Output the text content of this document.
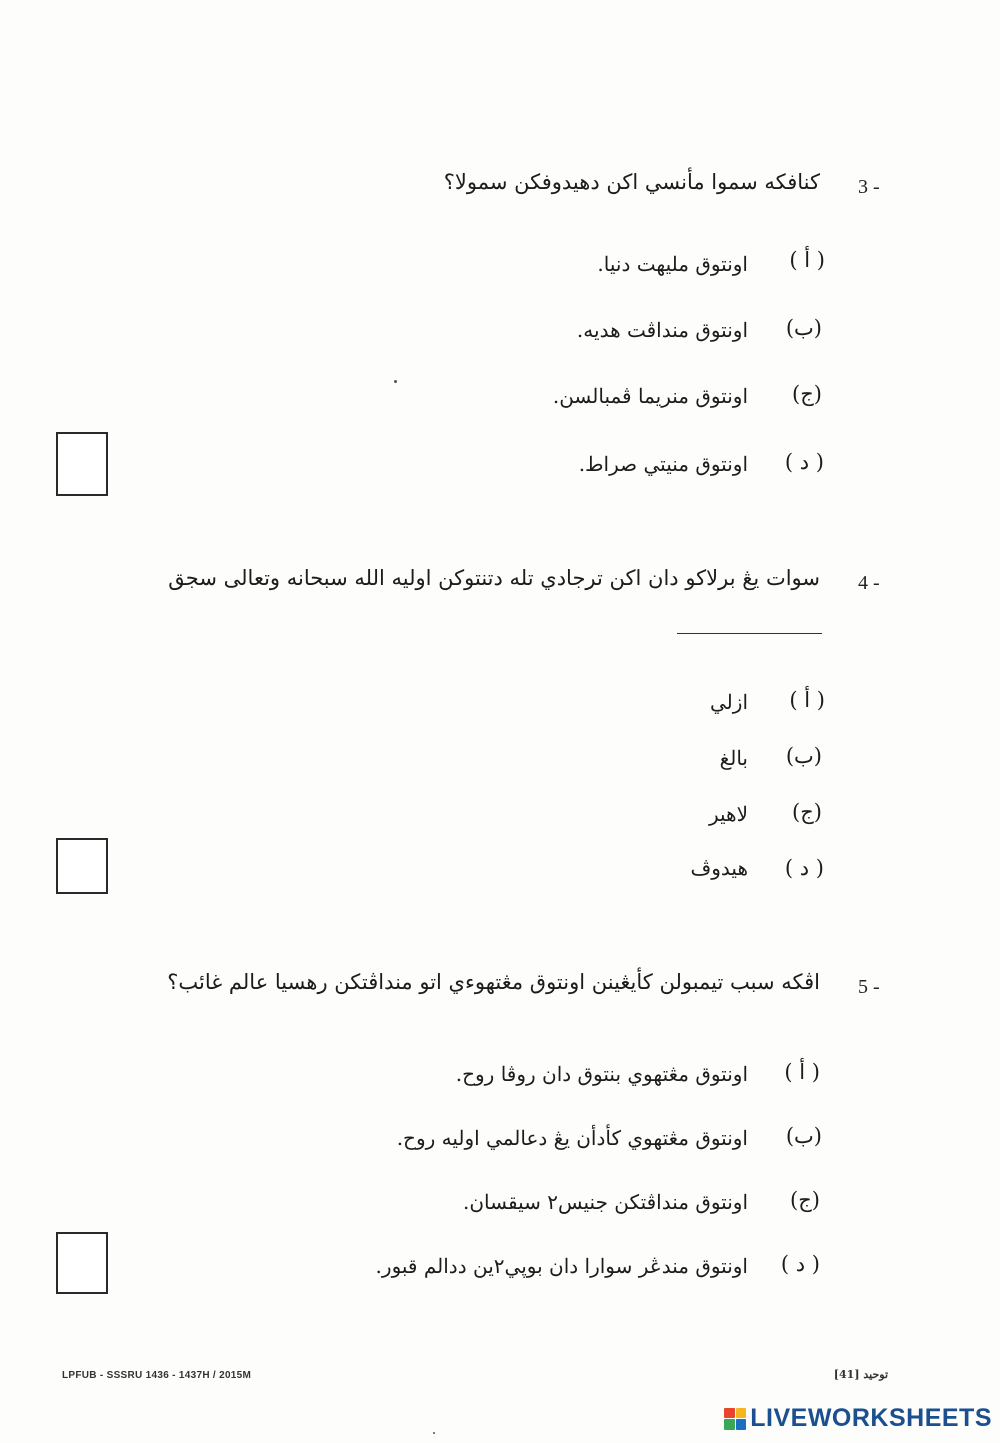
3 -
كنافكه سموا مأنسي اكن دهيدوفكن سمولا؟
( أ )
اونتوق مليهت دنيا.
(ب)
اونتوق منداڤت هديه.
(ج)
اونتوق منريما ڤمبالسن.
( د )
اونتوق منيتي صراط.
4 -
سوات يڠ برلاكو دان اكن ترجادي تله دتنتوكن اوليه الله سبحانه وتعالى سجق
( أ )
ازلي
(ب)
بالغ
(ج)
لاهير
( د )
هيدوڤ
5 -
اڤكه سبب تيمبولن كأيڠينن اونتوق مڠتهوءي اتو منداڤتكن رهسيا عالم غائب؟
( أ )
اونتوق مڠتهوي بنتوق دان روڤا روح.
(ب)
اونتوق مڠتهوي كأدأن يڠ دعالمي اوليه روح.
(ج)
اونتوق منداڤتكن جنيس٢ سيقسان.
( د )
اونتوق مندڠر سوارا دان بوپي٢ين ددالم قبور.
LPFUB - SSSRU 1436 - 1437H / 2015M	توحيد [41]
LIVEWORKSHEETS
